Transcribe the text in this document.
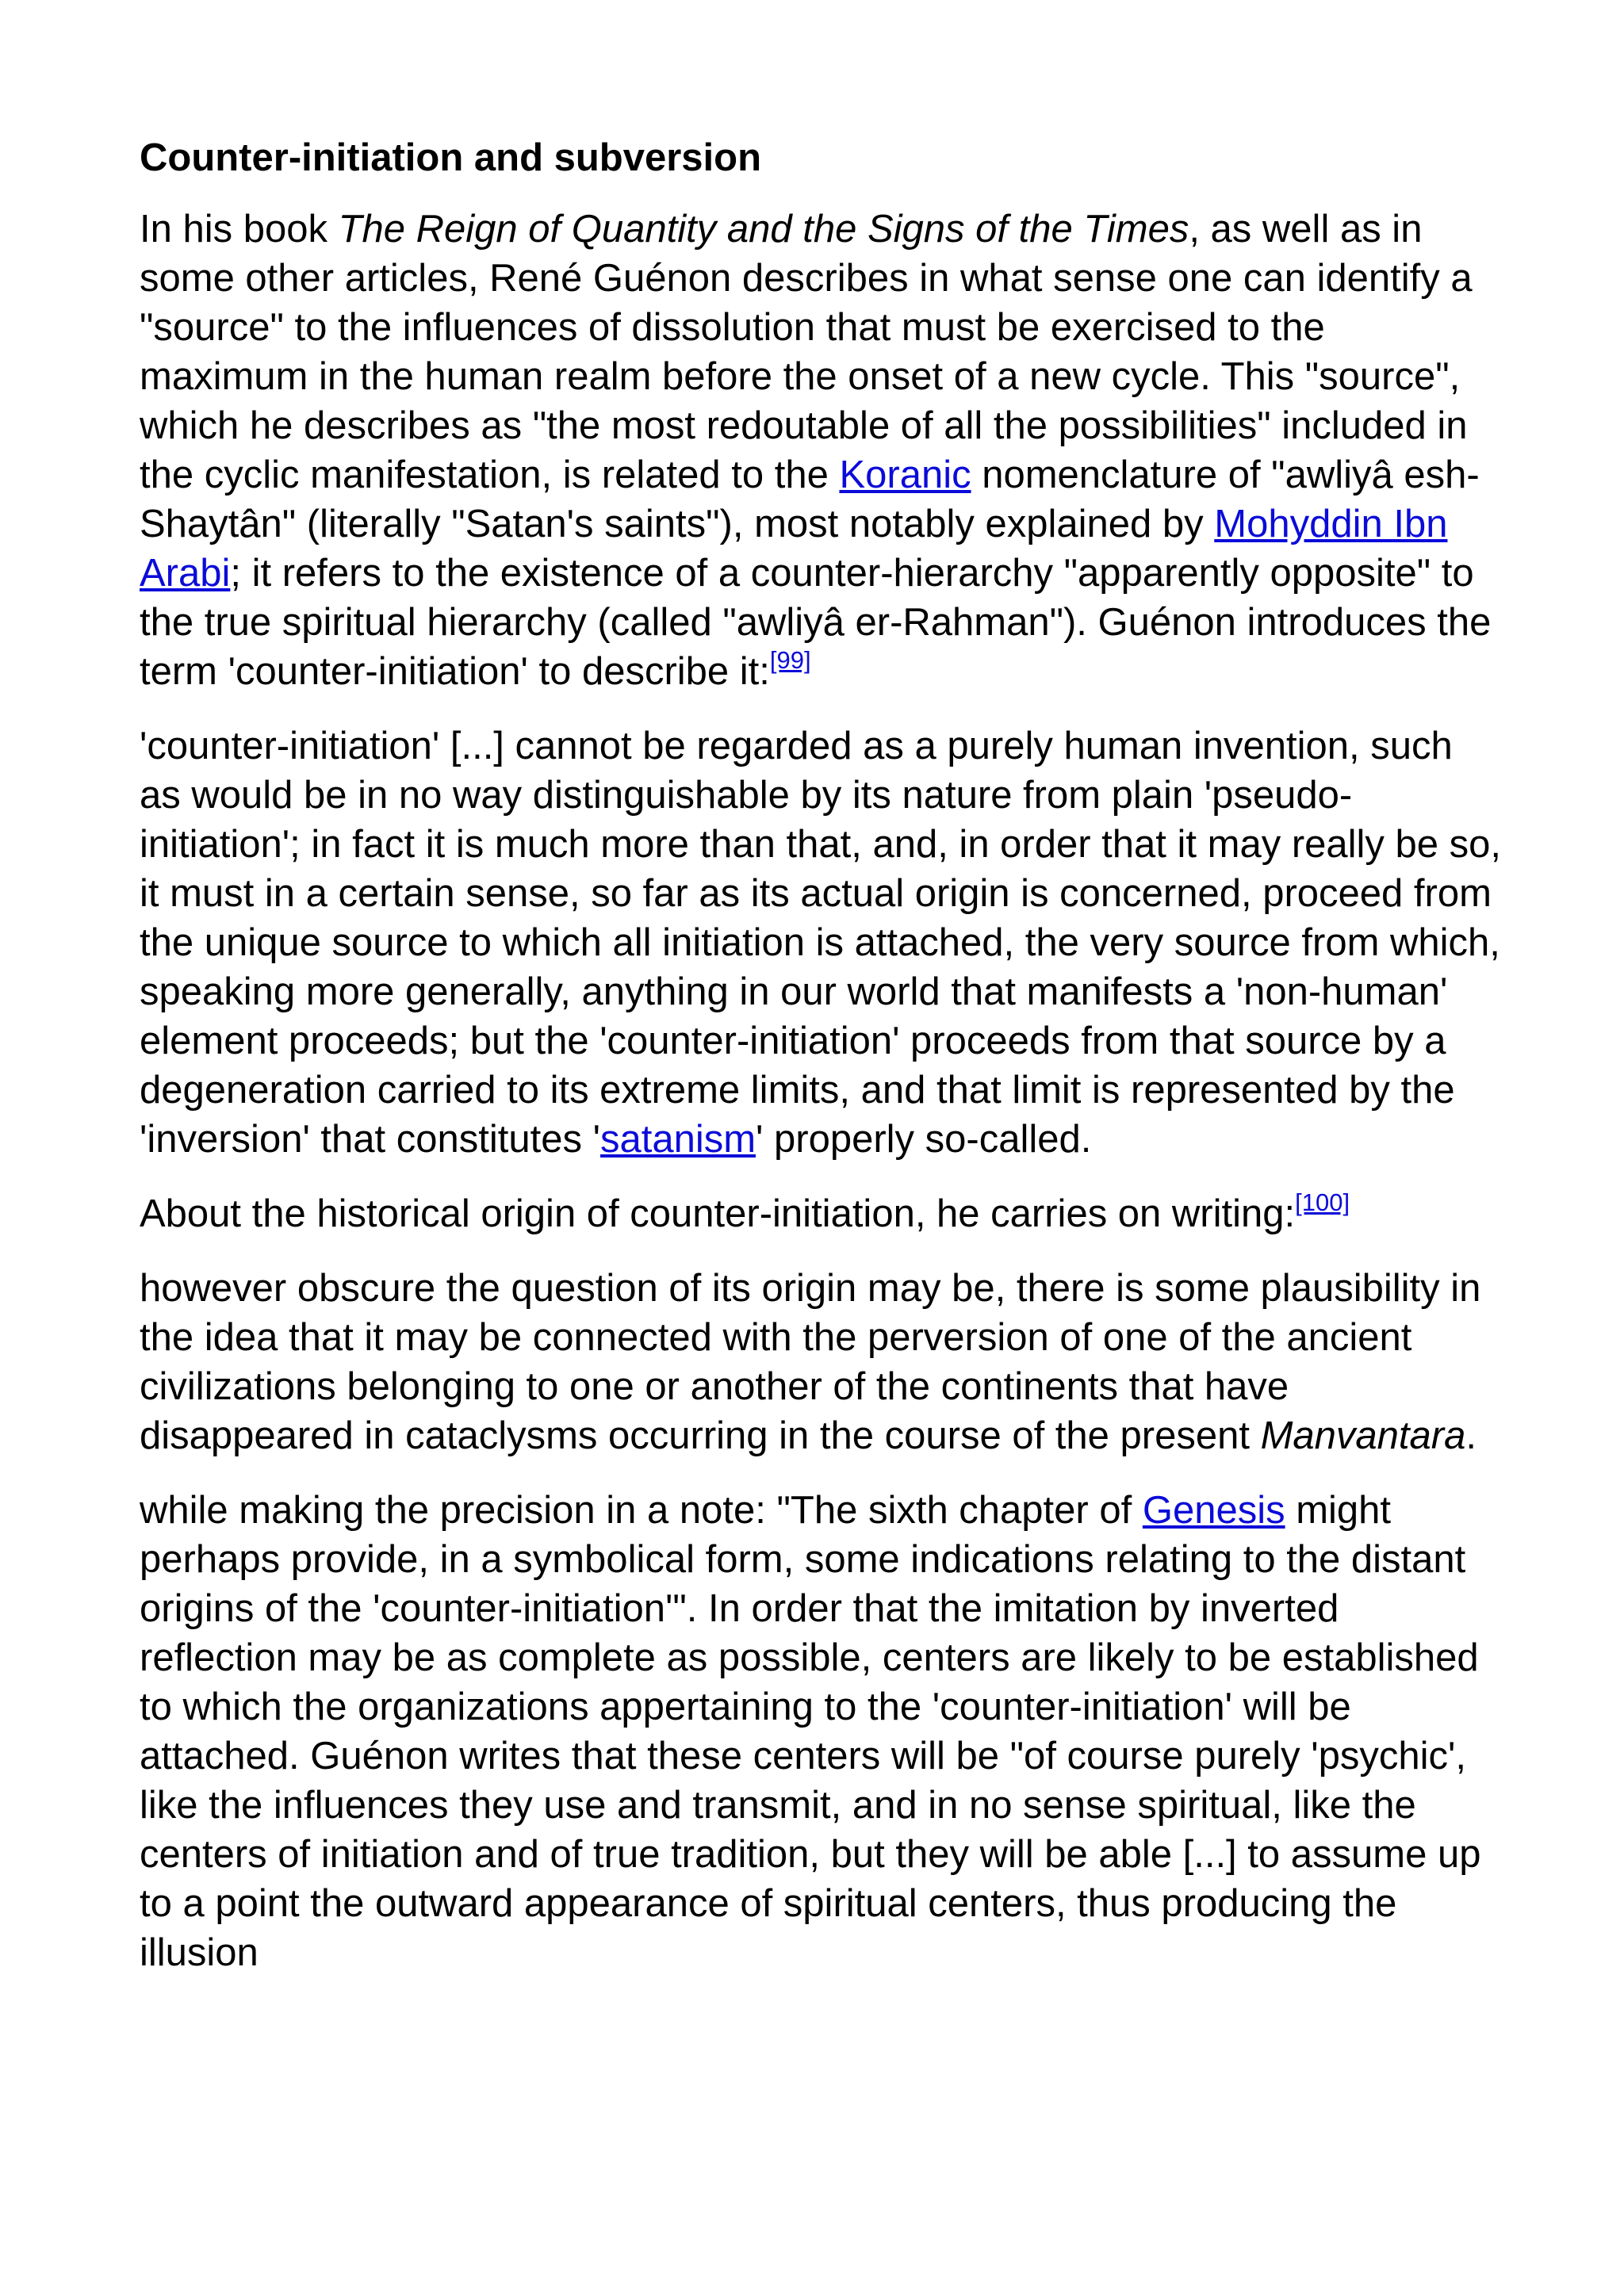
Counter-initiation and subversion

In his book The Reign of Quantity and the Signs of the Times, as well as in some other articles, René Guénon describes in what sense one can identify a "source" to the influences of dissolution that must be exercised to the maximum in the human realm before the onset of a new cycle. This "source", which he describes as "the most redoutable of all the possibilities" included in the cyclic manifestation, is related to the Koranic nomenclature of "awliyâ esh-Shaytân" (literally "Satan's saints"), most notably explained by Mohyddin Ibn Arabi; it refers to the existence of a counter-hierarchy "apparently opposite" to the true spiritual hierarchy (called "awliyâ er-Rahman"). Guénon introduces the term 'counter-initiation' to describe it:[99]

'counter-initiation' [...] cannot be regarded as a purely human invention, such as would be in no way distinguishable by its nature from plain 'pseudo-initiation'; in fact it is much more than that, and, in order that it may really be so, it must in a certain sense, so far as its actual origin is concerned, proceed from the unique source to which all initiation is attached, the very source from which, speaking more generally, anything in our world that manifests a 'non-human' element proceeds; but the 'counter-initiation' proceeds from that source by a degeneration carried to its extreme limits, and that limit is represented by the 'inversion' that constitutes 'satanism' properly so-called.

About the historical origin of counter-initiation, he carries on writing:[100]

however obscure the question of its origin may be, there is some plausibility in the idea that it may be connected with the perversion of one of the ancient civilizations belonging to one or another of the continents that have disappeared in cataclysms occurring in the course of the present Manvantara.

while making the precision in a note: "The sixth chapter of Genesis might perhaps provide, in a symbolical form, some indications relating to the distant origins of the 'counter-initiation'". In order that the imitation by inverted reflection may be as complete as possible, centers are likely to be established to which the organizations appertaining to the 'counter-initiation' will be attached. Guénon writes that these centers will be "of course purely 'psychic', like the influences they use and transmit, and in no sense spiritual, like the centers of initiation and of true tradition, but they will be able [...] to assume up to a point the outward appearance of spiritual centers, thus producing the illusion
